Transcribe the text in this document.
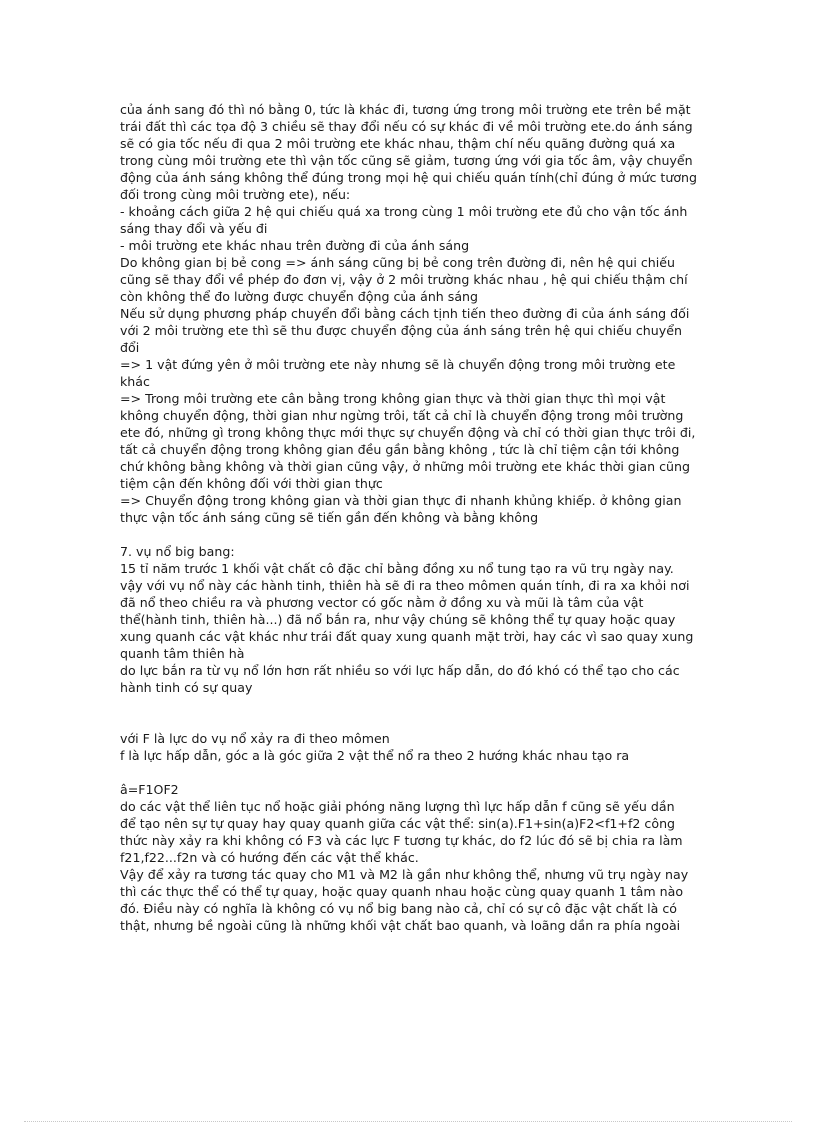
của ánh sang đó thì nó bằng 0, tức là khác đi, tương ứng trong môi trường ete trên bề mặt trái đất thì các tọa độ 3 chiều sẽ thay đổi nếu có sự khác đi về môi trường ete.do ánh sáng sẽ có gia tốc nếu đi qua 2 môi trường ete khác nhau, thậm chí nếu quãng đường quá xa trong cùng môi trường ete thì vận tốc cũng sẽ giảm, tương ứng với gia tốc âm, vậy chuyển động của ánh sáng không thể đúng trong mọi hệ qui chiếu quán tính(chỉ đúng ở mức tương đối trong cùng môi trường ete), nếu:

- khoảng cách giữa 2 hệ qui chiếu quá xa trong cùng 1 môi trường ete đủ cho vận tốc ánh sáng thay đổi và yếu đi

- môi trường ete khác nhau trên đường đi của ánh sáng

Do không gian bị bẻ cong => ánh sáng cũng bị bẻ cong trên đường đi, nên hệ qui chiếu cũng sẽ thay đổi về phép đo đơn vị, vậy ở 2 môi trường khác nhau , hệ qui chiếu thậm chí còn không thể đo lường được chuyển động của ánh sáng

Nếu sử dụng phương pháp chuyển đổi bằng cách tịnh tiến theo đường đi của ánh sáng đối với 2 môi trường ete thì sẽ thu được chuyển động của ánh sáng trên hệ qui chiếu chuyển đổi

=> 1 vật đứng yên ở môi trường ete này nhưng sẽ là chuyển động trong môi trường ete khác

=> Trong môi trường ete cân bằng trong không gian thực và thời gian thực thì mọi vật không chuyển động, thời gian như ngừng trôi, tất cả chỉ là chuyển động trong môi trường ete đó, những gì trong không thực mới thực sự chuyển động và chỉ có thời gian thực trôi đi, tất cả chuyển động trong không gian đều gần bằng không , tức là chỉ tiệm cận tới không chứ không bằng không và thời gian cũng vậy, ở những môi trường ete khác thời gian cũng tiệm cận đến không đối với thời gian thực

=> Chuyển động trong không gian và thời gian thực đi nhanh khủng khiếp. ở không gian thực vận tốc ánh sáng cũng sẽ tiến gần đến không và bằng không

7. vụ nổ big bang:

15 tỉ năm trước 1 khối vật chất cô đặc chỉ bằng đồng xu nổ tung tạo ra vũ trụ ngày nay.

vậy với vụ nổ này các hành tinh, thiên hà sẽ đi ra theo mômen quán tính, đi ra xa khỏi nơi đã nổ theo chiều ra và phương vector có gốc nằm ở đồng xu và mũi là tâm của vật thể(hành tinh, thiên hà...) đã nổ bắn ra, như vậy chúng sẽ không thể tự quay hoặc quay xung quanh các vật khác như trái đất quay xung quanh mặt trời, hay các vì sao quay xung quanh tâm thiên hà

do lực bắn ra từ vụ nổ lớn hơn rất nhiều so với lực hấp dẫn, do đó khó có thể tạo cho các hành tinh có sự quay

với F là lực do vụ nổ xảy ra đi theo mômen

f là lực hấp dẫn, góc a là góc giữa 2 vật thể nổ ra theo 2 hướng khác nhau tạo ra

â=F1OF2

do các vật thể liên tục nổ hoặc giải phóng năng lượng thì lực hấp dẫn f cũng sẽ yếu dần

để tạo nên sự tự quay hay quay quanh giữa các vật thể: sin(a).F1+sin(a)F2<f1+f2 công thức này xảy ra khi không có F3 và các lực F tương tự khác, do f2 lúc đó sẽ bị chia ra làm f21,f22...f2n và có hướng đến các vật thể khác.

Vậy để xảy ra tương tác quay cho M1 và M2 là gần như không thể, nhưng vũ trụ ngày nay thì các thực thể có thể tự quay, hoặc quay quanh nhau hoặc cùng quay quanh 1 tâm nào đó. Điều này có nghĩa là không có vụ nổ big bang nào cả, chỉ có sự cô đặc vật chất là có thật, nhưng bề ngoài cũng là những khối vật chất bao quanh, và loãng dần ra phía ngoài
